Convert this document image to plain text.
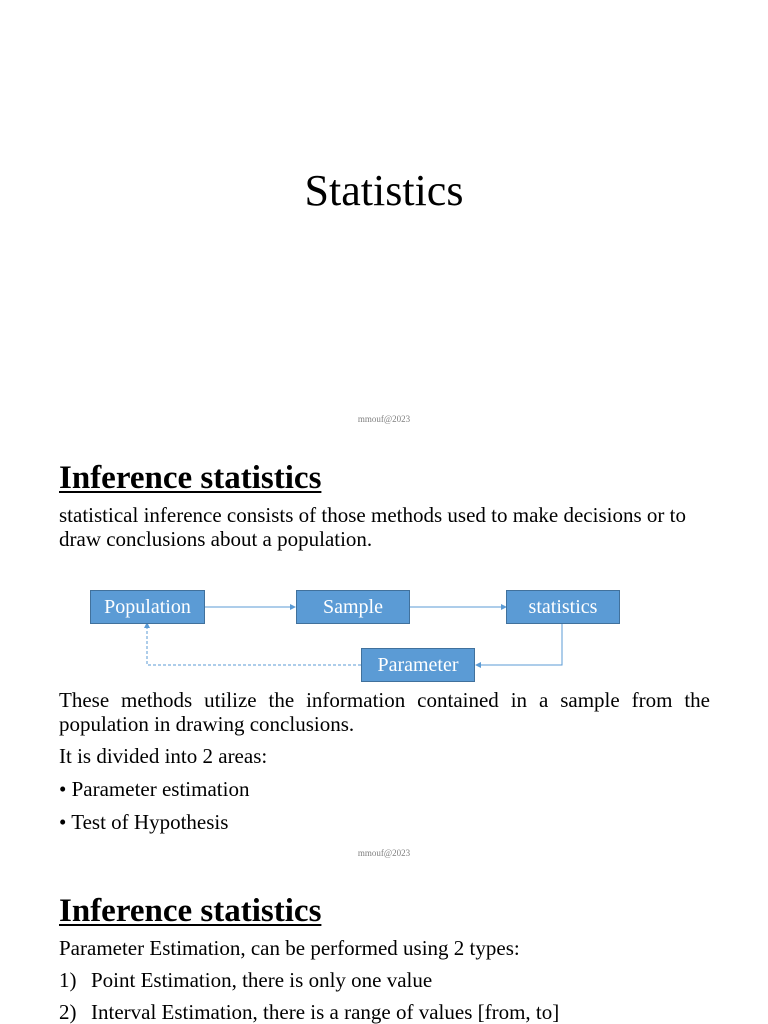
Statistics
mmouf@2023
Inference statistics
statistical inference consists of those methods used to make decisions or to draw conclusions about a population.
Population	Sample	statistics
Parameter
These methods utilize the information contained in a sample from the population in drawing conclusions.
It is divided into 2 areas:
• Parameter estimation
• Test of Hypothesis
mmouf@2023
Inference statistics
Parameter Estimation, can be performed using 2 types:
1) Point Estimation, there is only one value
2) Interval Estimation, there is a range of values [from, to]
